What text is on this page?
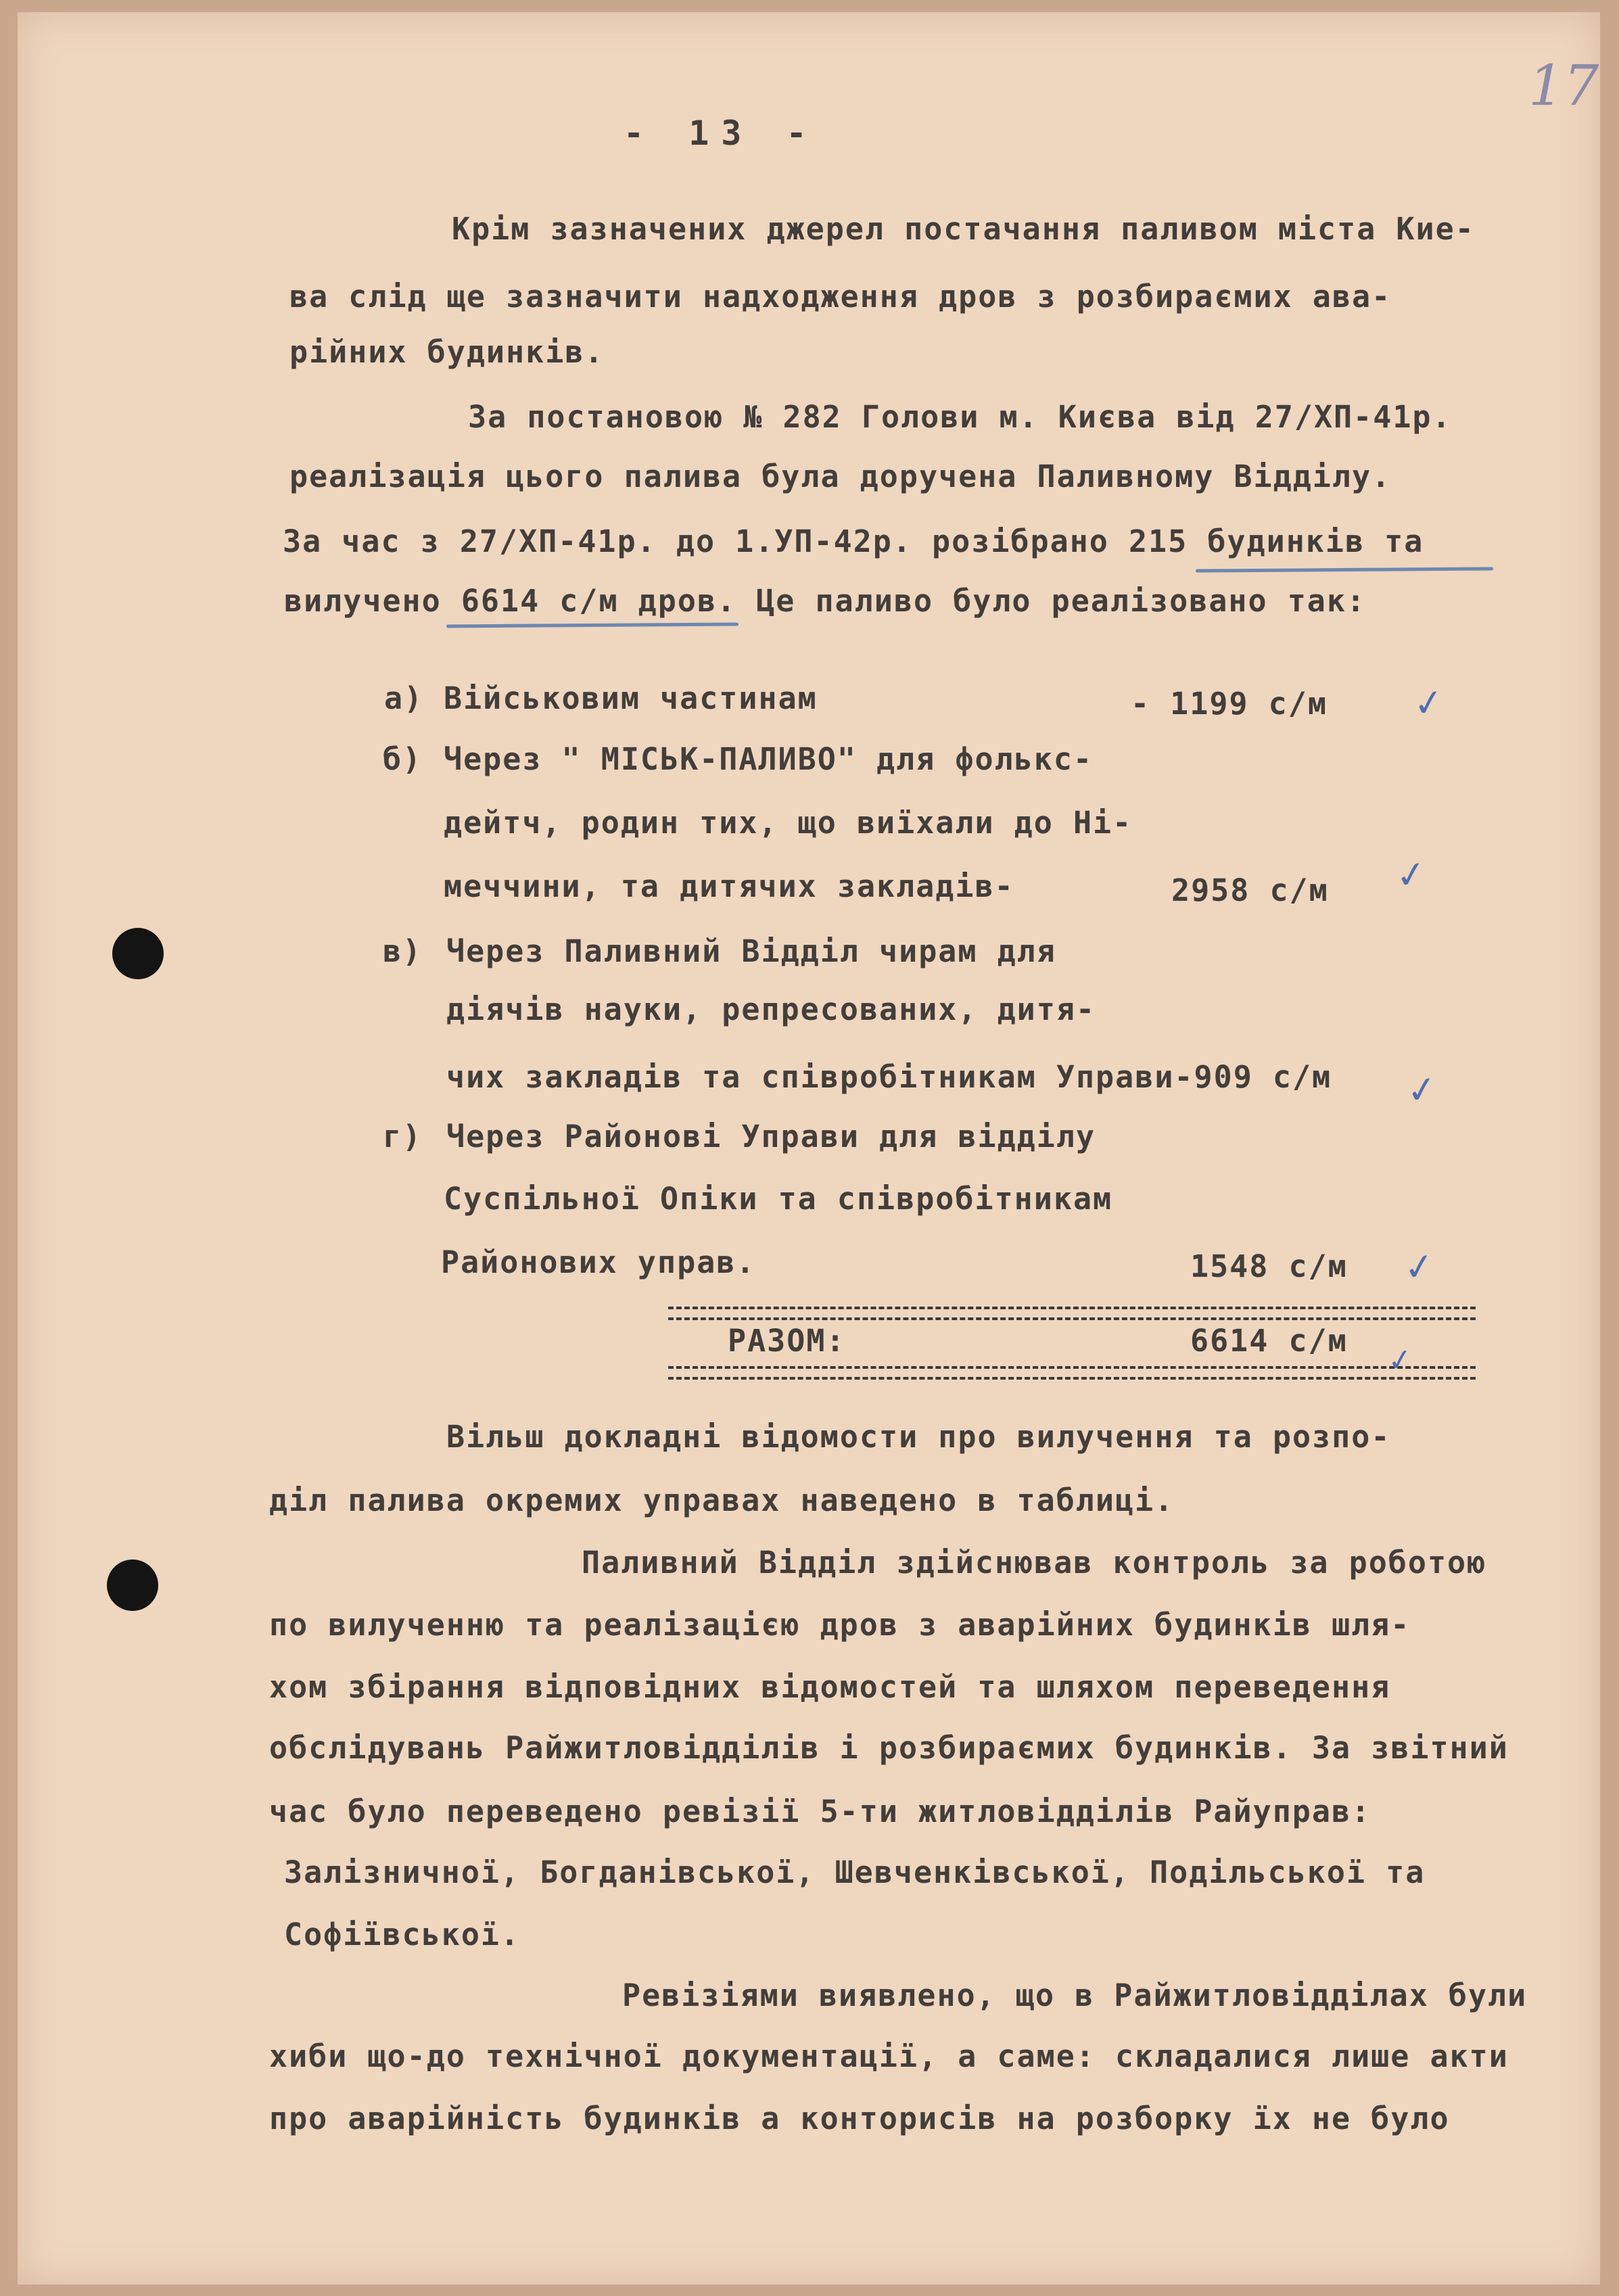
17
- 13 -
Крім зазначених джерел постачання паливом міста Кие-
ва слід ще зазначити надходження дров з розбираємих ава-
рійних будинків.
За постановою № 282 Голови м. Києва від 27/ХП-41р.
реалізація цього палива була доручена Паливному Відділу.
За час з 27/ХП-41р. до 1.УП-42р. розібрано 215 будинків та
вилучено 6614 с/м дров. Це паливо було реалізовано так:
а) Військовим частинам	- 1199 с/м ✓
б) Через " МІСЬК-ПАЛИВО" для фолькс-
дейтч, родин тих, що виїхали до Ні-
меччини, та дитячих закладів-	2958 с/м ✓
в) Через Паливний Відділ чирам для
діячів науки, репресованих, дитя-
чих закладів та співробітникам Управи-909 с/м ✓
г) Через Районові Управи для відділу
Суспільної Опіки та співробітникам
Районових управ.	1548 с/м ✓
РАЗОМ:	6614 с/м
✓
Вільш докладні відомости про вилучення та розпо-
діл палива окремих управах наведено в таблиці.
Паливний Відділ здійснював контроль за роботою
по вилученню та реалізацією дров з аварійних будинків шля-
хом збірання відповідних відомостей та шляхом переведення
обслідувань Райжитловідділів і розбираємих будинків. За звітний
час було переведено ревізії 5-ти житловідділів Райуправ:
Залізничної, Богданівської, Шевченківської, Подільської та
Софіївської.
Ревізіями виявлено, що в Райжитловідділах були
хиби що-до технічної документації, а саме: складалися лише акти
про аварійність будинків а конторисів на розборку їх не було
